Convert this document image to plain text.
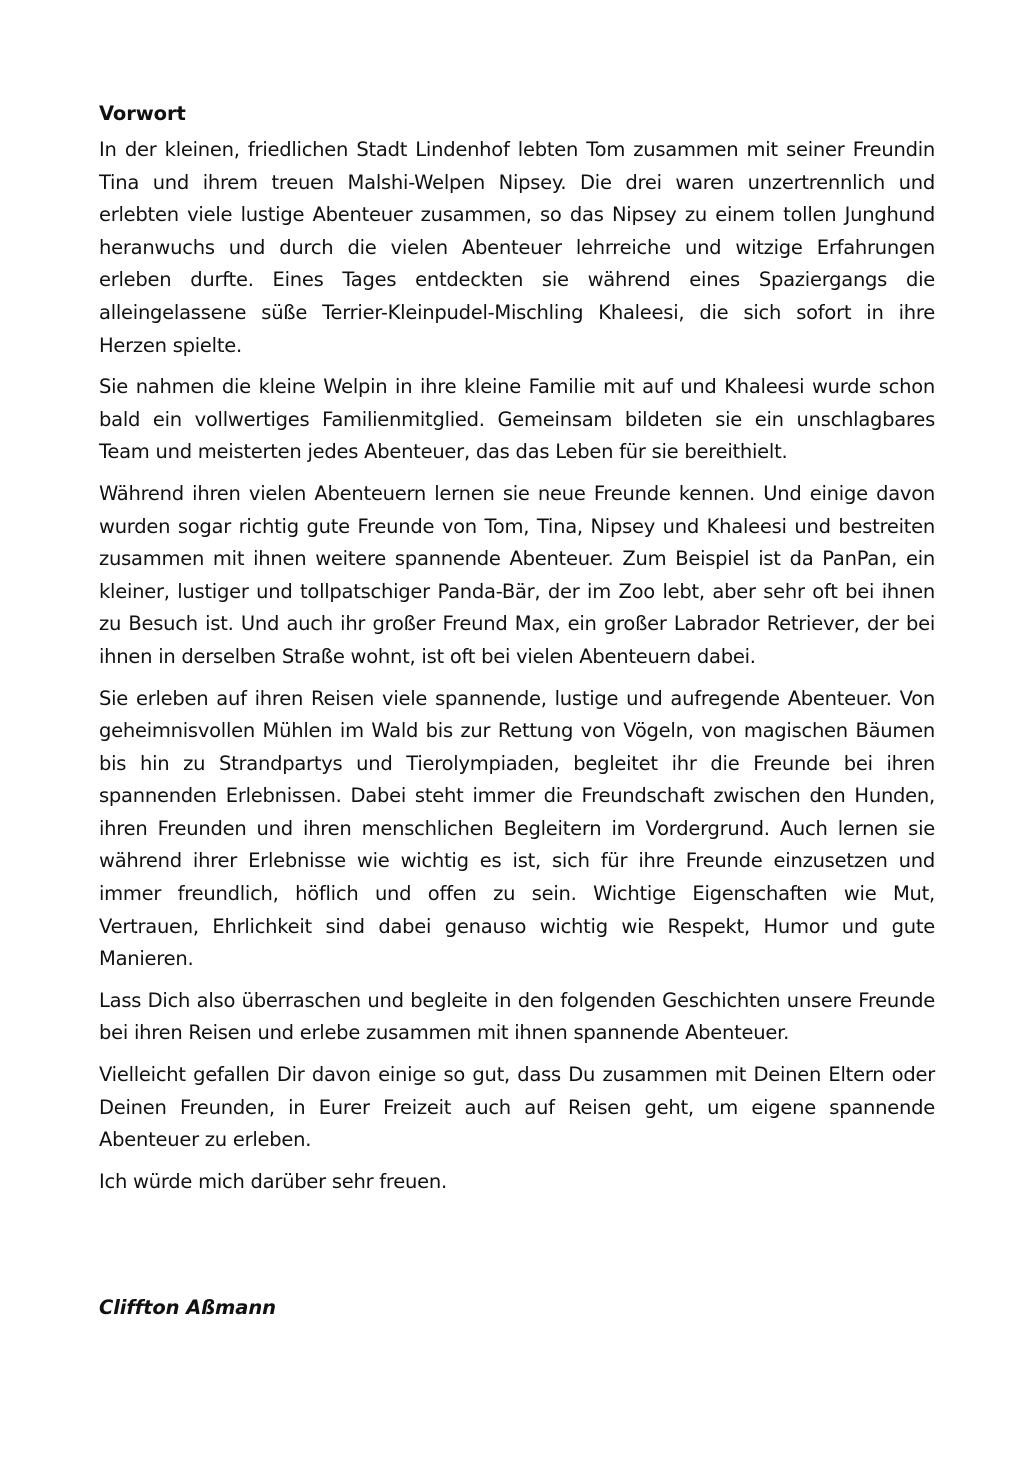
Vorwort

In der kleinen, friedlichen Stadt Lindenhof lebten Tom zusammen mit seiner Freundin Tina und ihrem treuen Malshi-Welpen Nipsey. Die drei waren unzertrennlich und erlebten viele lustige Abenteuer zusammen, so das Nipsey zu einem tollen Junghund heranwuchs und durch die vielen Abenteuer lehrreiche und witzige Erfahrungen erleben durfte. Eines Tages entdeckten sie während eines Spaziergangs die alleingelassene süße Terrier-Kleinpudel-Mischling Khaleesi, die sich sofort in ihre Herzen spielte.

Sie nahmen die kleine Welpin in ihre kleine Familie mit auf und Khaleesi wurde schon bald ein vollwertiges Familienmitglied. Gemeinsam bildeten sie ein unschlagbares Team und meisterten jedes Abenteuer, das das Leben für sie bereithielt.

Während ihren vielen Abenteuern lernen sie neue Freunde kennen. Und einige davon wurden sogar richtig gute Freunde von Tom, Tina, Nipsey und Khaleesi und bestreiten zusammen mit ihnen weitere spannende Abenteuer. Zum Beispiel ist da PanPan, ein kleiner, lustiger und tollpatschiger Panda-Bär, der im Zoo lebt, aber sehr oft bei ihnen zu Besuch ist. Und auch ihr großer Freund Max, ein großer Labrador Retriever, der bei ihnen in derselben Straße wohnt, ist oft bei vielen Abenteuern dabei.

Sie erleben auf ihren Reisen viele spannende, lustige und aufregende Abenteuer. Von geheimnisvollen Mühlen im Wald bis zur Rettung von Vögeln, von magischen Bäumen bis hin zu Strandpartys und Tierolympiaden, begleitet ihr die Freunde bei ihren spannenden Erlebnissen. Dabei steht immer die Freundschaft zwischen den Hunden, ihren Freunden und ihren menschlichen Begleitern im Vordergrund. Auch lernen sie während ihrer Erlebnisse wie wichtig es ist, sich für ihre Freunde einzusetzen und immer freundlich, höflich und offen zu sein. Wichtige Eigenschaften wie Mut, Vertrauen, Ehrlichkeit sind dabei genauso wichtig wie Respekt, Humor und gute Manieren.

Lass Dich also überraschen und begleite in den folgenden Geschichten unsere Freunde bei ihren Reisen und erlebe zusammen mit ihnen spannende Abenteuer.

Vielleicht gefallen Dir davon einige so gut, dass Du zusammen mit Deinen Eltern oder Deinen Freunden, in Eurer Freizeit auch auf Reisen geht, um eigene spannende Abenteuer zu erleben.

Ich würde mich darüber sehr freuen.

Cliffton Aßmann
